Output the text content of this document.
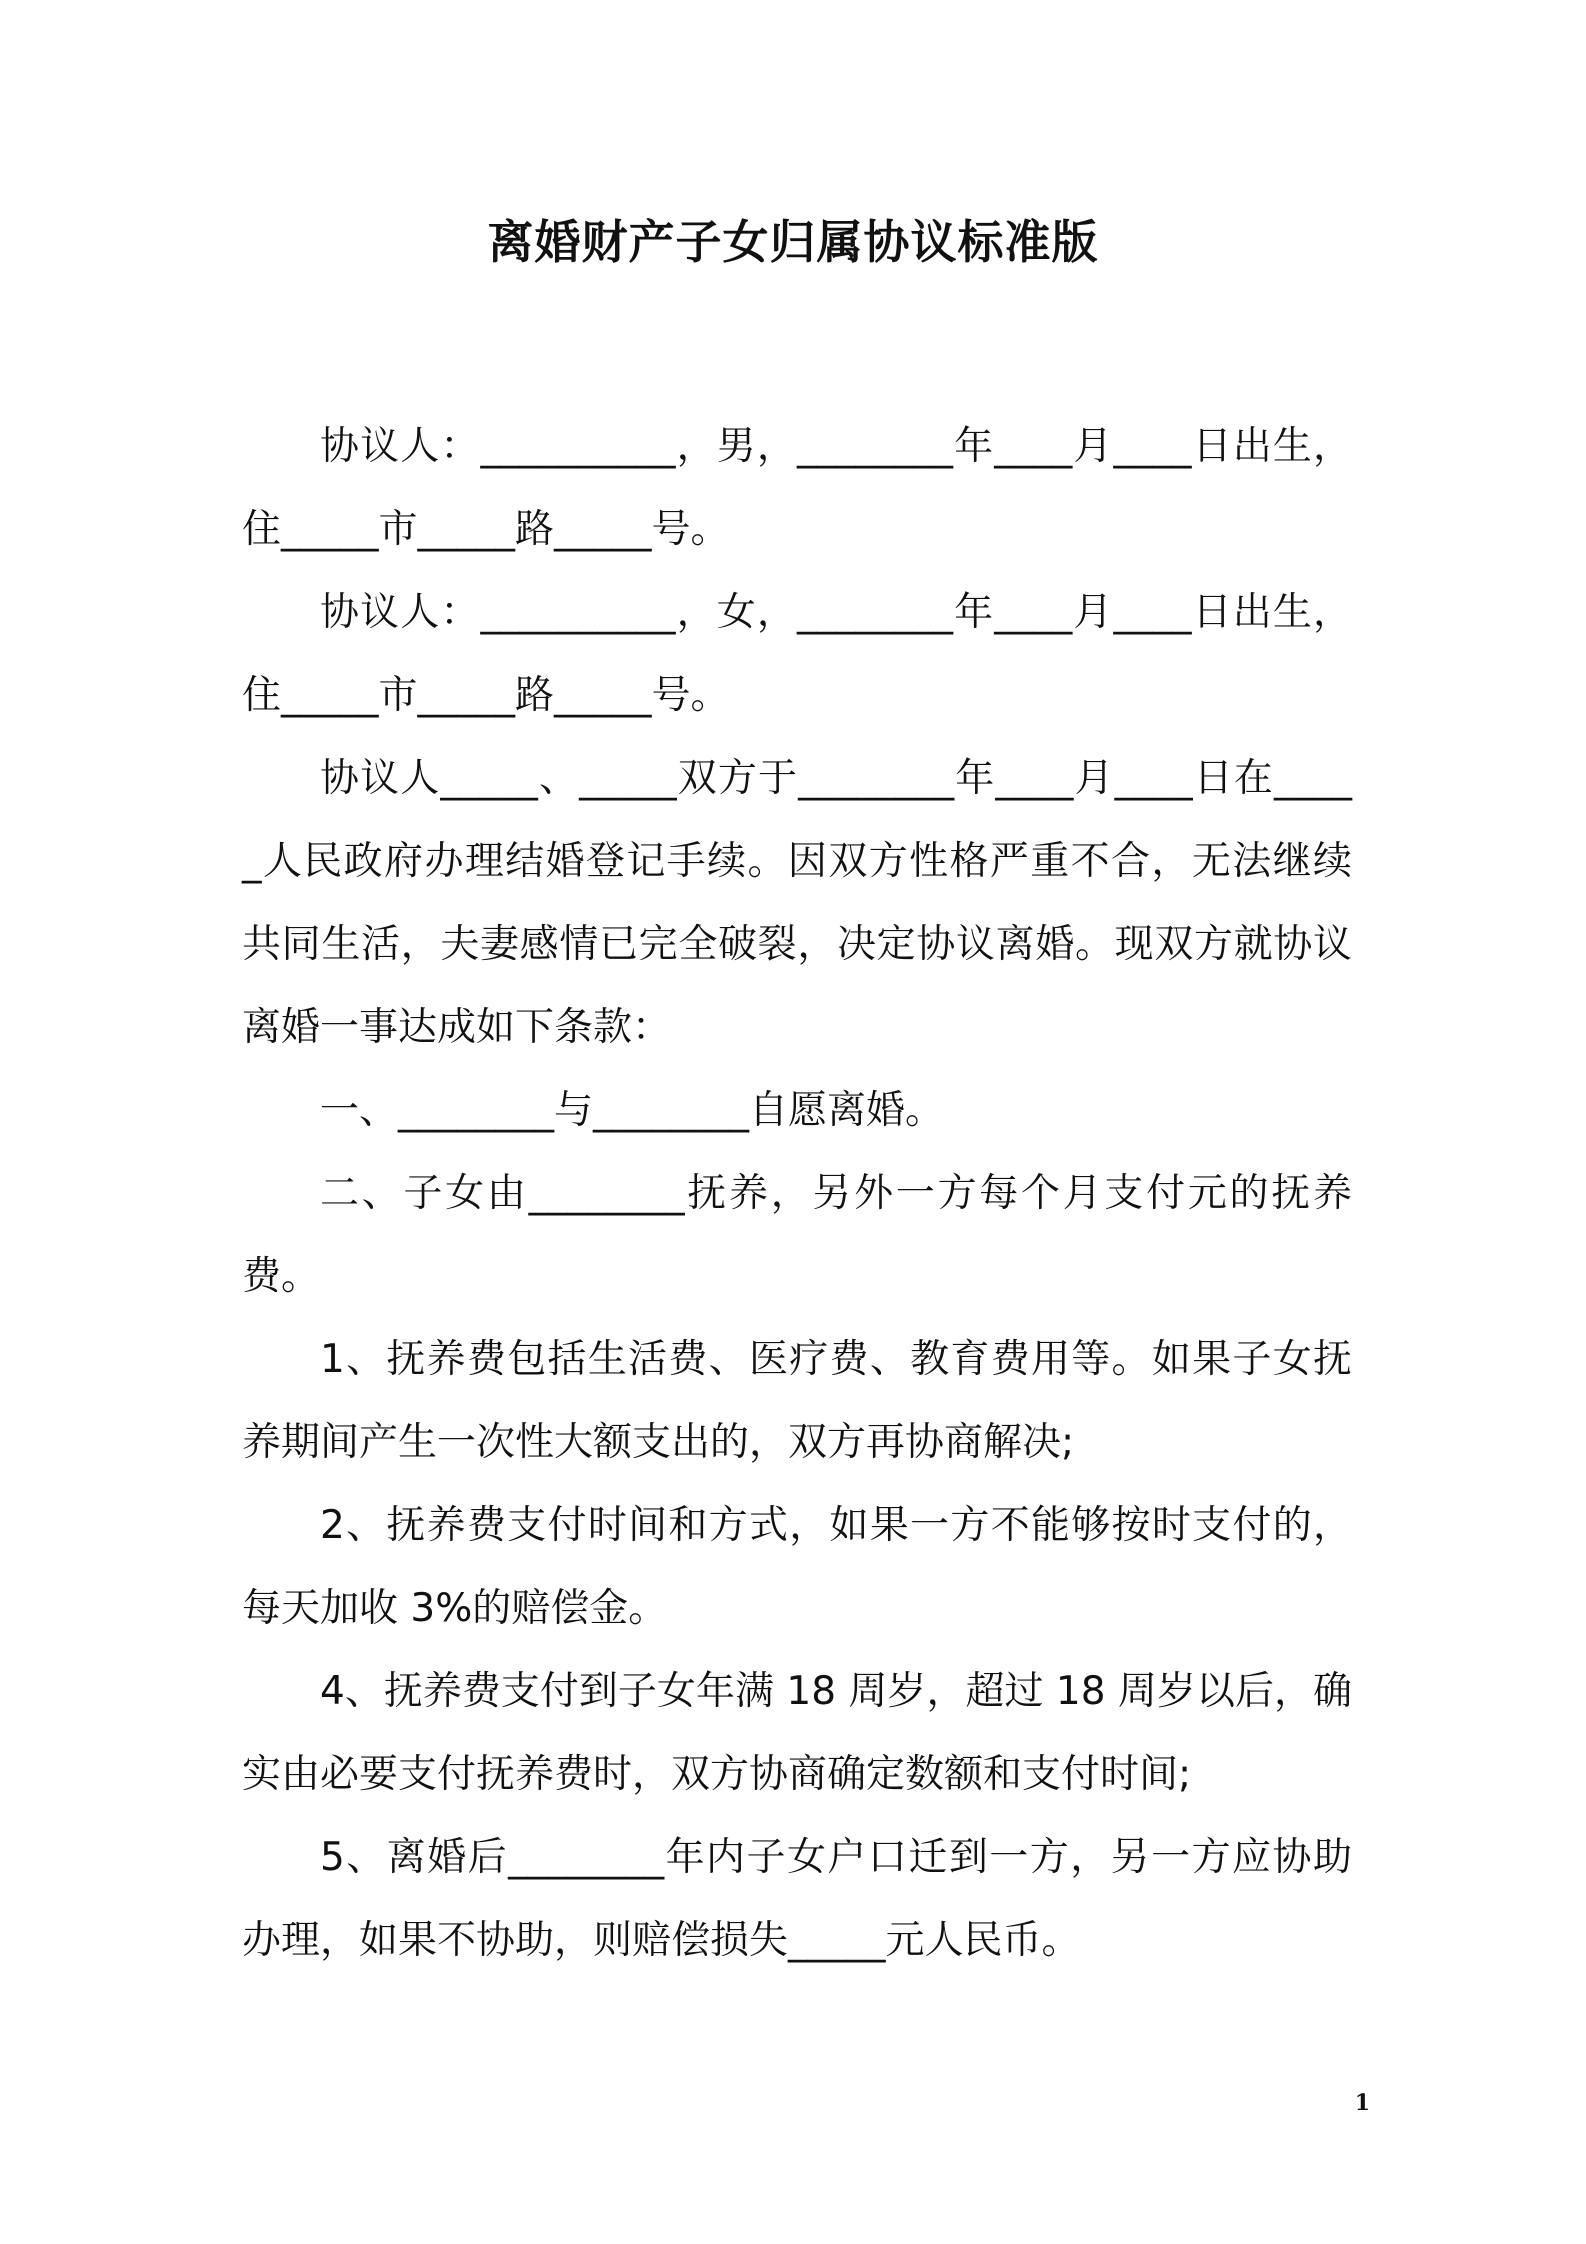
离婚财产子女归属协议标准版

协议人：__________，男，________年____月____日出生，住_____市_____路_____号。

协议人：__________，女，________年____月____日出生，住_____市_____路_____号。

协议人_____、_____双方于________年____月____日在_____人民政府办理结婚登记手续。因双方性格严重不合，无法继续共同生活，夫妻感情已完全破裂，决定协议离婚。现双方就协议离婚一事达成如下条款：

一、________与________自愿离婚。

二、子女由________抚养，另外一方每个月支付元的抚养费。

1、抚养费包括生活费、医疗费、教育费用等。如果子女抚养期间产生一次性大额支出的，双方再协商解决;

2、抚养费支付时间和方式，如果一方不能够按时支付的，每天加收 3%的赔偿金。

4、抚养费支付到子女年满 18 周岁，超过 18 周岁以后，确实由必要支付抚养费时，双方协商确定数额和支付时间;

5、离婚后________年内子女户口迁到一方，另一方应协助办理，如果不协助，则赔偿损失_____元人民币。

1
